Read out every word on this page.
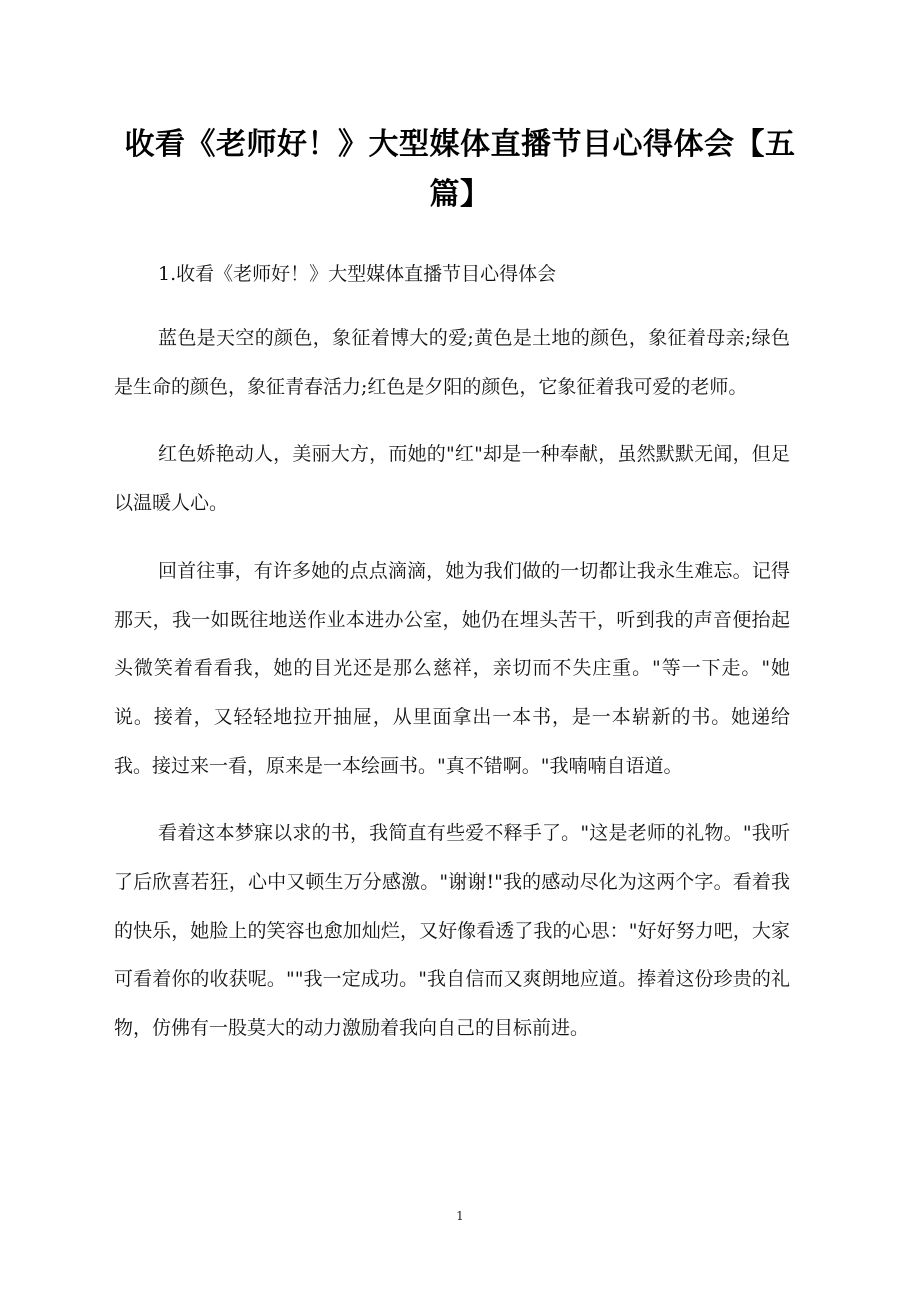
收看《老师好！》大型媒体直播节目心得体会【五篇】

1.收看《老师好！》大型媒体直播节目心得体会

蓝色是天空的颜色，象征着博大的爱;黄色是土地的颜色，象征着母亲;绿色是生命的颜色，象征青春活力;红色是夕阳的颜色，它象征着我可爱的老师。

红色娇艳动人，美丽大方，而她的"红"却是一种奉献，虽然默默无闻，但足以温暖人心。

回首往事，有许多她的点点滴滴，她为我们做的一切都让我永生难忘。记得那天，我一如既往地送作业本进办公室，她仍在埋头苦干，听到我的声音便抬起头微笑着看看我，她的目光还是那么慈祥，亲切而不失庄重。"等一下走。"她说。接着，又轻轻地拉开抽屉，从里面拿出一本书，是一本崭新的书。她递给我。接过来一看，原来是一本绘画书。"真不错啊。"我喃喃自语道。

看着这本梦寐以求的书，我简直有些爱不释手了。"这是老师的礼物。"我听了后欣喜若狂，心中又顿生万分感激。"谢谢!"我的感动尽化为这两个字。看着我的快乐，她脸上的笑容也愈加灿烂，又好像看透了我的心思："好好努力吧，大家可看着你的收获呢。""我一定成功。"我自信而又爽朗地应道。捧着这份珍贵的礼物，仿佛有一股莫大的动力激励着我向自己的目标前进。

1
